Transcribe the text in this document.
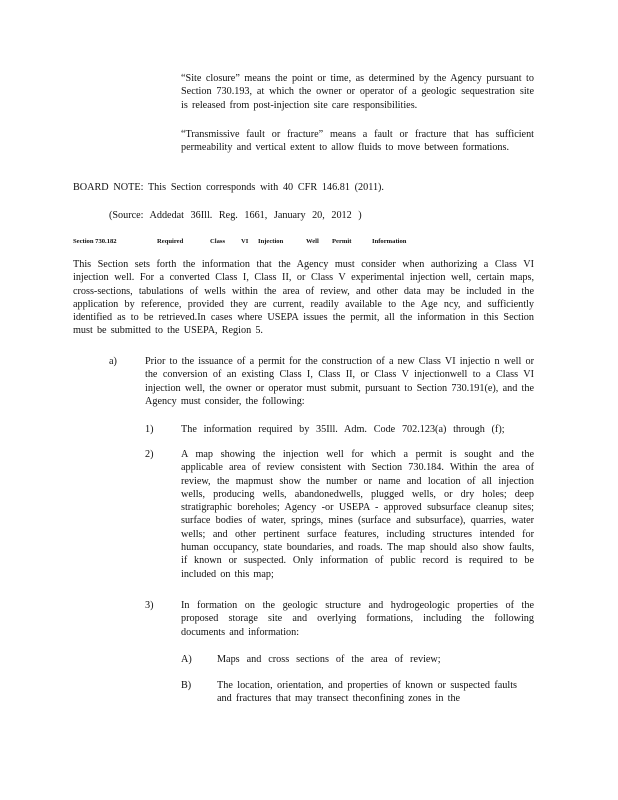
“Site closure” means the point or time, as determined by the Agency pursuant to Section 730.193, at which the owner or operator of a geologic sequestration site is released from post-injection site care responsibilities.

“Transmissive fault or fracture” means a fault or fracture that has sufficient permeability and vertical extent to allow fluids to move between formations.

BOARD NOTE: This Section corresponds with 40 CFR 146.81 (2011).

(Source: Addedat 36Ill. Reg. 1661, January 20, 2012 )

Section 730.182	Required	Class VI Injection	Well Permit	Information

This Section sets forth the information that the Agency must consider when authorizing a Class VI injection well. For a converted Class I, Class II, or Class V experimental injection well, certain maps, cross-sections, tabulations of wells within the area of review, and other data may be included in the application by reference, provided they are current, readily available to the Age ncy, and sufficiently identified as to be retrieved.In cases where USEPA issues the permit, all the information in this Section must be submitted to the USEPA, Region 5.

a)	Prior to the issuance of a permit for the construction of a new Class VI injectio n well or the conversion of an existing Class I, Class II, or Class V injectionwell to a Class VI injection well, the owner or operator must submit, pursuant to Section 730.191(e), and the Agency must consider, the following:

1)	The information required by 35Ill. Adm. Code 702.123(a) through (f);

2)	A map showing the injection well for which a permit is sought and the applicable area of review consistent with Section 730.184. Within the area of review, the mapmust show the number or name and location of all injection wells, producing wells, abandonedwells, plugged wells, or dry holes; deep stratigraphic boreholes; Agency -or USEPA - approved subsurface cleanup sites; surface bodies of water, springs, mines (surface and subsurface), quarries, water wells; and other pertinent surface features, including structures intended for human occupancy, state boundaries, and roads. The map should also show faults, if known or suspected. Only information of public record is required to be included on this map;

3)	In formation on the geologic structure and hydrogeologic properties of the proposed storage site and overlying formations, including the following documents and information:

A) Maps and cross sections of the area of review;

B)	The location, orientation, and properties of known or suspected faults and fractures that may transect theconfining zones in the
